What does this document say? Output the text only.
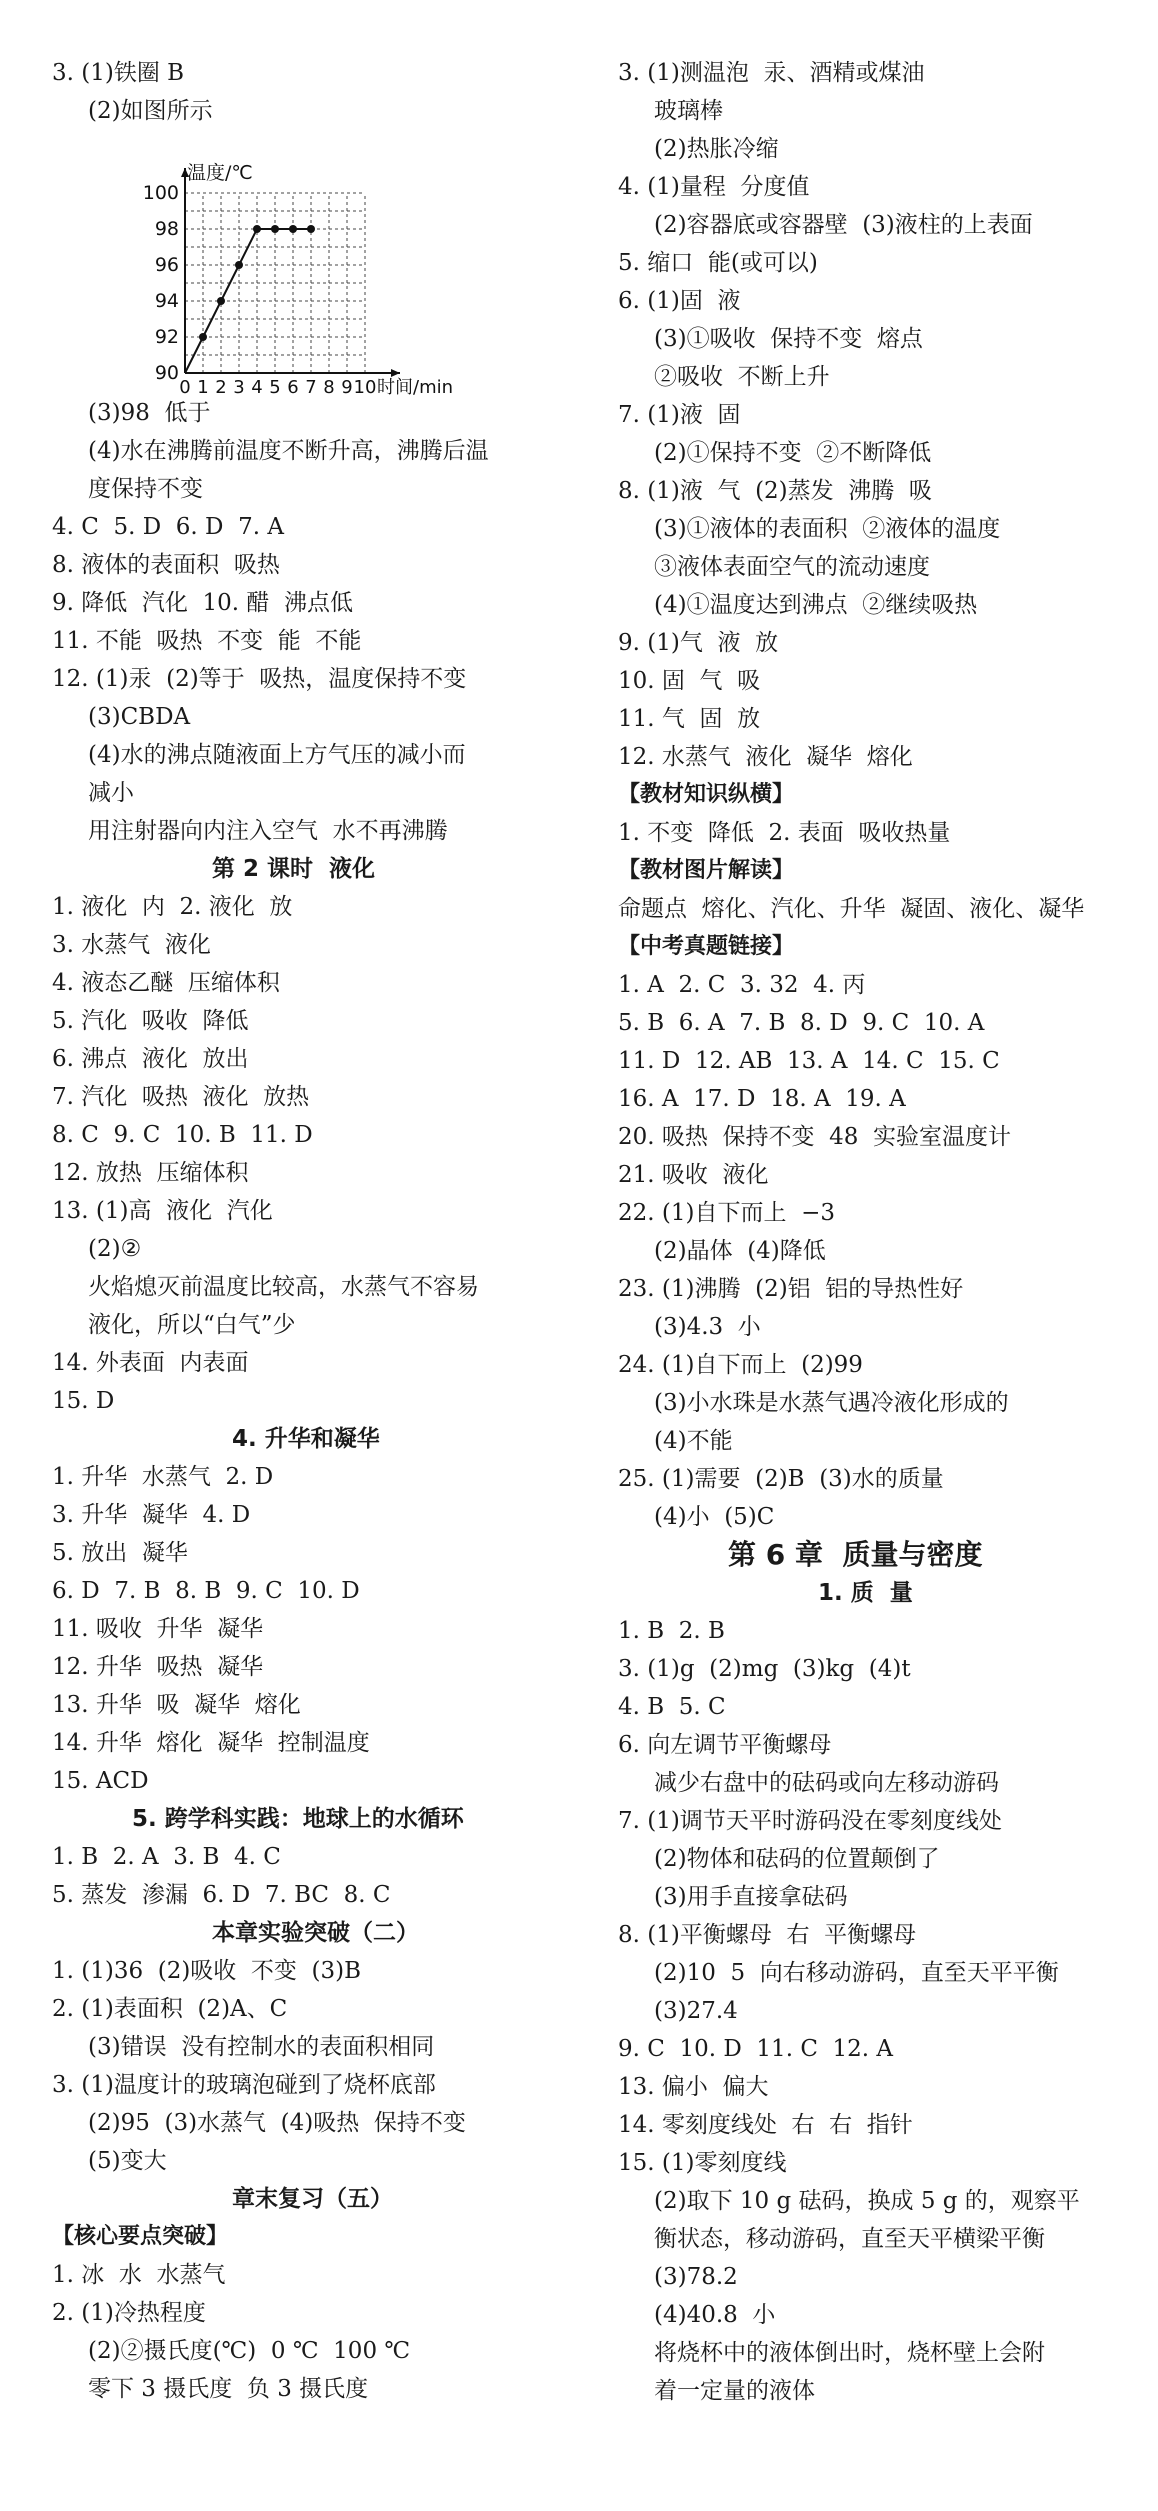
3. (1)铁圈 B
(2)如图所示
(3)98  低于
(4)水在沸腾前温度不断升高，沸腾后温
度保持不变
4. C  5. D  6. D  7. A
8. 液体的表面积  吸热
9. 降低  汽化  10. 醋  沸点低
11. 不能  吸热  不变  能  不能
12. (1)汞  (2)等于  吸热，温度保持不变
(3)CBDA
(4)水的沸点随液面上方气压的减小而
减小
用注射器向内注入空气  水不再沸腾
第 2 课时  液化
1. 液化  内  2. 液化  放
3. 水蒸气  液化
4. 液态乙醚  压缩体积
5. 汽化  吸收  降低
6. 沸点  液化  放出
7. 汽化  吸热  液化  放热
8. C  9. C  10. B  11. D
12. 放热  压缩体积
13. (1)高  液化  汽化
(2)②
火焰熄灭前温度比较高，水蒸气不容易
液化，所以“白气”少
14. 外表面  内表面
15. D
4. 升华和凝华
1. 升华  水蒸气  2. D
3. 升华  凝华  4. D
5. 放出  凝华
6. D  7. B  8. B  9. C  10. D
11. 吸收  升华  凝华
12. 升华  吸热  凝华
13. 升华  吸  凝华  熔化
14. 升华  熔化  凝华  控制温度
15. ACD
5. 跨学科实践：地球上的水循环
1. B  2. A  3. B  4. C
5. 蒸发  渗漏  6. D  7. BC  8. C
本章实验突破（二）
1. (1)36  (2)吸收  不变  (3)B
2. (1)表面积  (2)A、C
(3)错误  没有控制水的表面积相同
3. (1)温度计的玻璃泡碰到了烧杯底部
(2)95  (3)水蒸气  (4)吸热  保持不变
(5)变大
章末复习（五）
【核心要点突破】
1. 冰  水  水蒸气
2. (1)冷热程度
(2)②摄氏度(℃)  0 ℃  100 ℃
零下 3 摄氏度  负 3 摄氏度
3. (1)测温泡  汞、酒精或煤油
玻璃棒
(2)热胀冷缩
4. (1)量程  分度值
(2)容器底或容器壁  (3)液柱的上表面
5. 缩口  能(或可以)
6. (1)固  液
(3)①吸收  保持不变  熔点
②吸收  不断上升
7. (1)液  固
(2)①保持不变  ②不断降低
8. (1)液  气  (2)蒸发  沸腾  吸
(3)①液体的表面积  ②液体的温度
③液体表面空气的流动速度
(4)①温度达到沸点  ②继续吸热
9. (1)气  液  放
10. 固  气  吸
11. 气  固  放
12. 水蒸气  液化  凝华  熔化
【教材知识纵横】
1. 不变  降低  2. 表面  吸收热量
【教材图片解读】
命题点  熔化、汽化、升华  凝固、液化、凝华
【中考真题链接】
1. A  2. C  3. 32  4. 丙
5. B  6. A  7. B  8. D  9. C  10. A
11. D  12. AB  13. A  14. C  15. C
16. A  17. D  18. A  19. A
20. 吸热  保持不变  48  实验室温度计
21. 吸收  液化
22. (1)自下而上  −3
(2)晶体  (4)降低
23. (1)沸腾  (2)铝  铝的导热性好
(3)4.3  小
24. (1)自下而上  (2)99
(3)小水珠是水蒸气遇冷液化形成的
(4)不能
25. (1)需要  (2)B  (3)水的质量
(4)小  (5)C
第 6 章  质量与密度
1. 质  量
1. B  2. B
3. (1)g  (2)mg  (3)kg  (4)t
4. B  5. C
6. 向左调节平衡螺母
减少右盘中的砝码或向左移动游码
7. (1)调节天平时游码没在零刻度线处
(2)物体和砝码的位置颠倒了
(3)用手直接拿砝码
8. (1)平衡螺母  右  平衡螺母
(2)10  5  向右移动游码，直至天平平衡
(3)27.4
9. C  10. D  11. C  12. A
13. 偏小  偏大
14. 零刻度线处  右  右  指针
15. (1)零刻度线
(2)取下 10 g 砝码，换成 5 g 的，观察平
衡状态，移动游码，直至天平横梁平衡
(3)78.2
(4)40.8  小
将烧杯中的液体倒出时，烧杯壁上会附
着一定量的液体
92
94
96
98
100
90
0 1 2 3 4 5 6 7 8 9 10
温度/℃
时间/min
